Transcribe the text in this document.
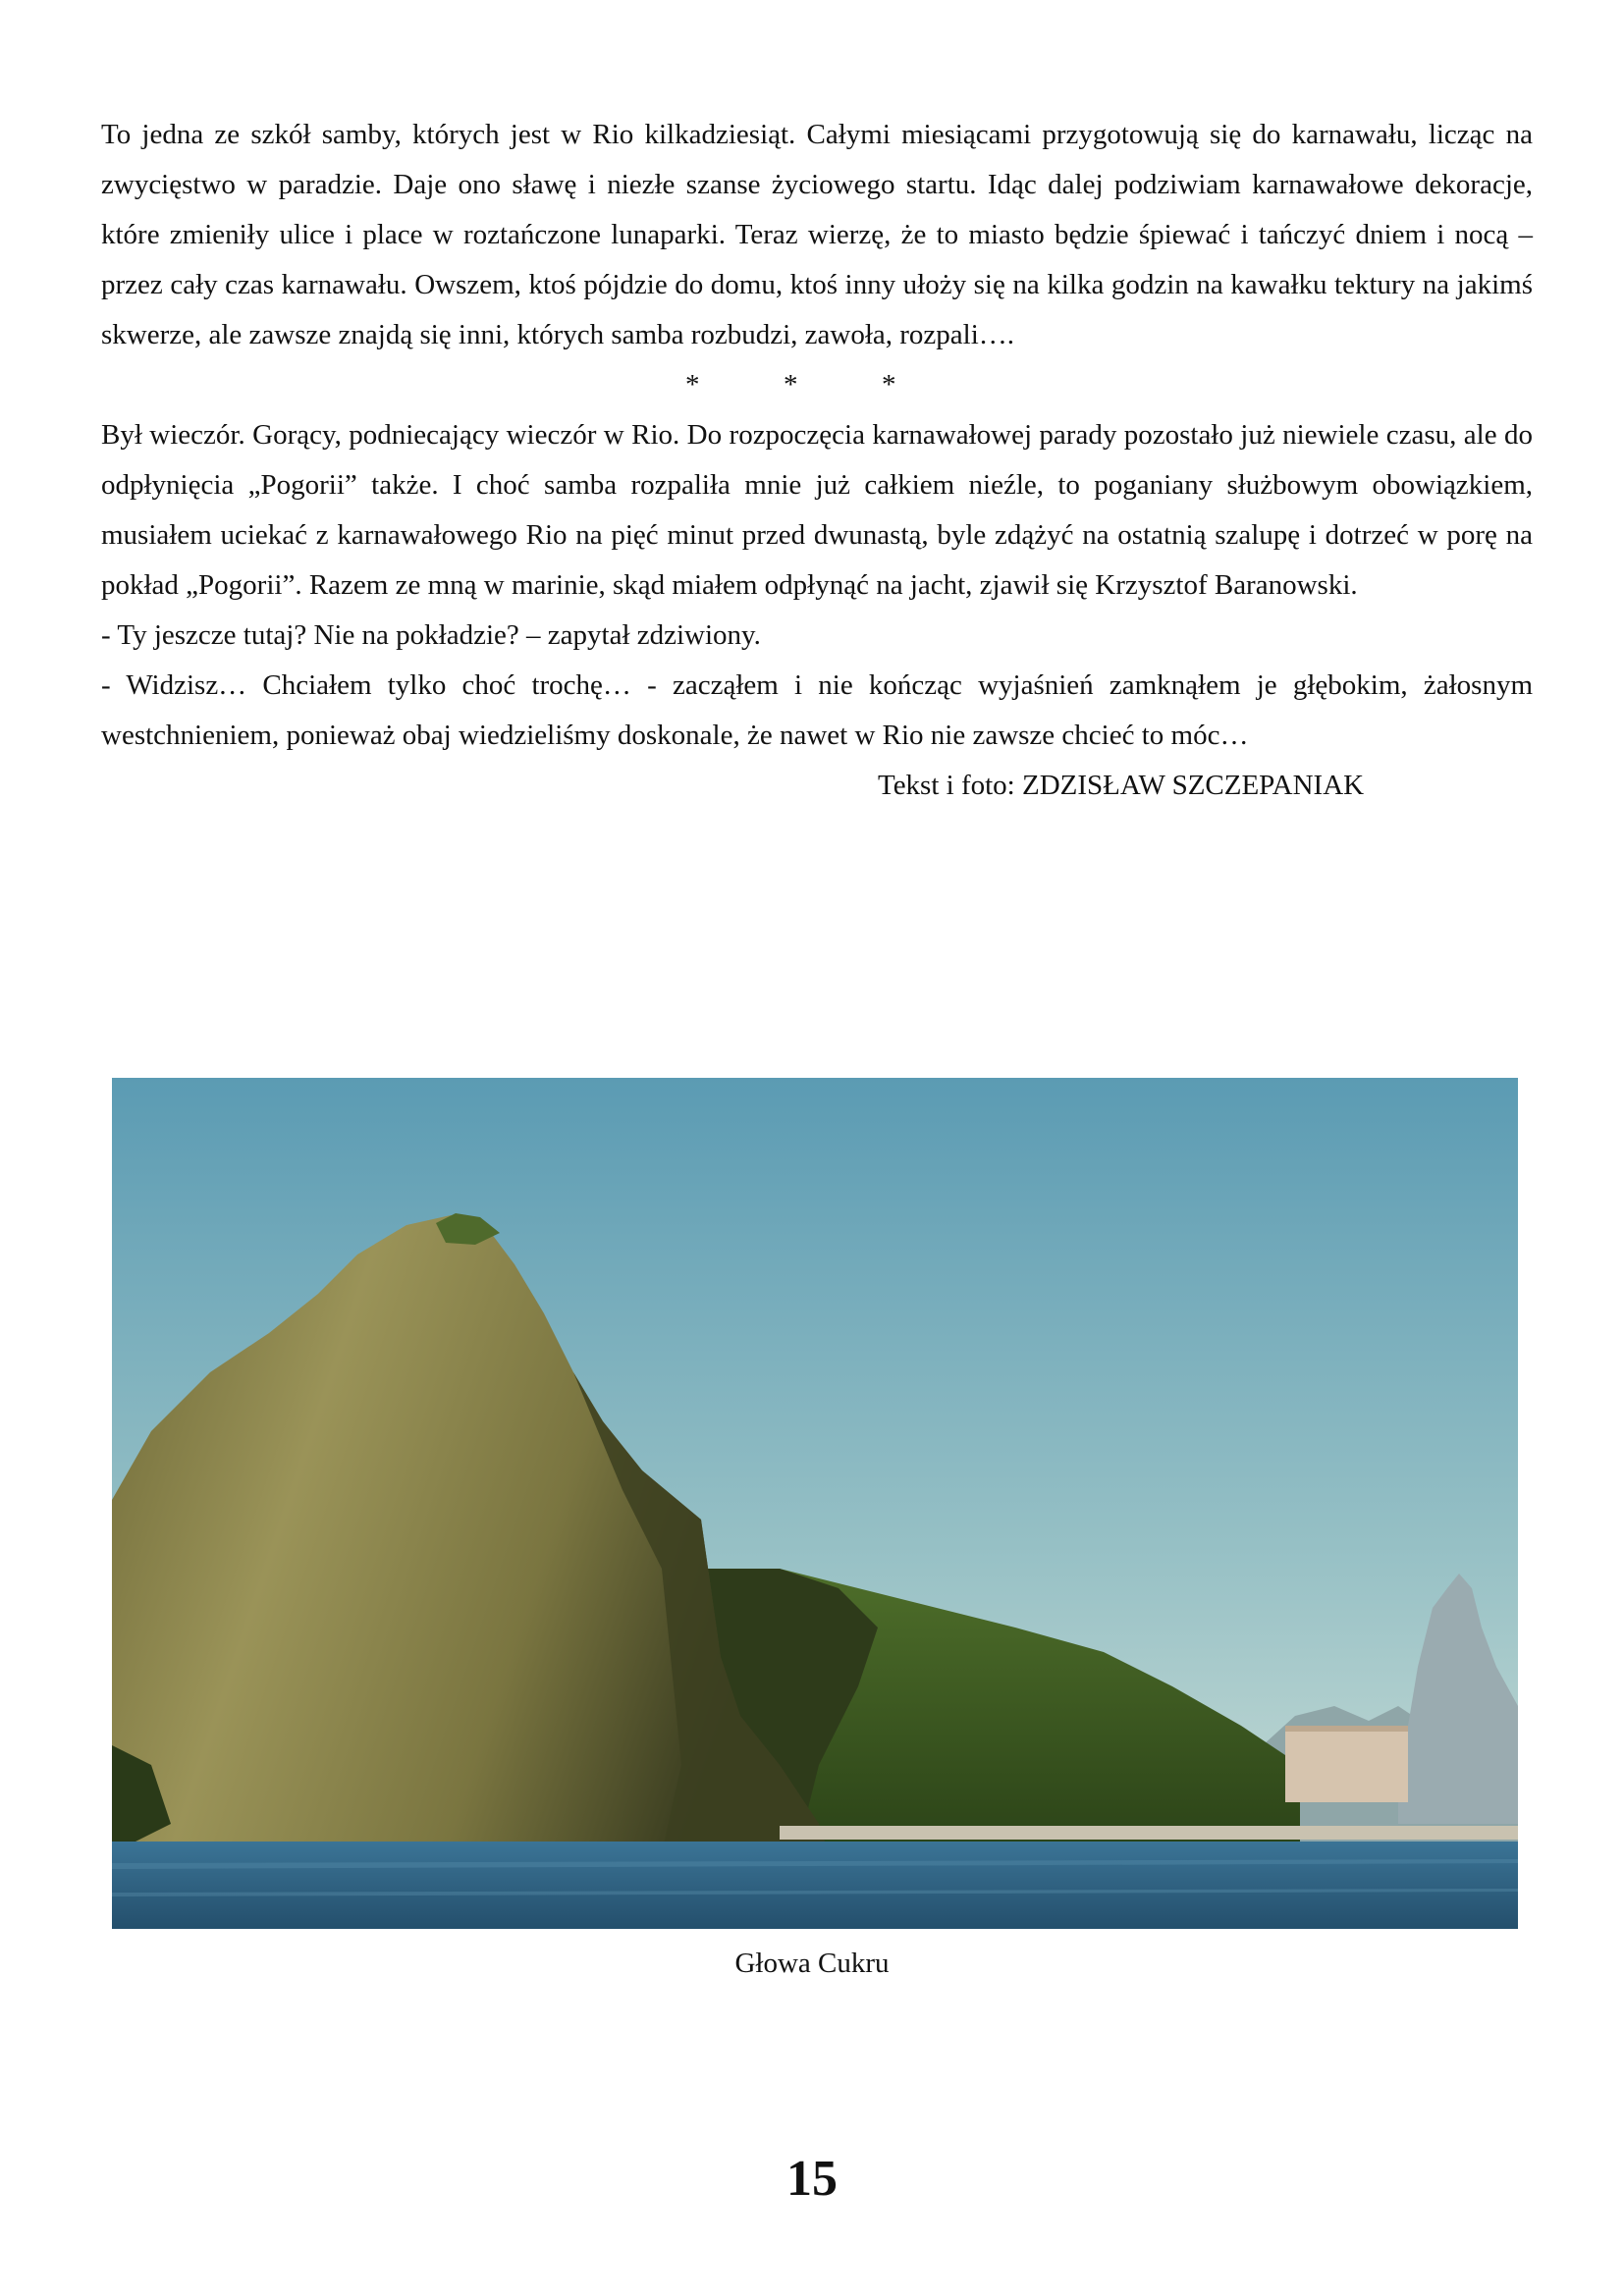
To jedna ze szkół samby, których jest w Rio kilkadziesiąt. Całymi miesiącami przygotowują się do karnawału, licząc na zwycięstwo w paradzie. Daje ono sławę i niezłe szanse życiowego startu. Idąc dalej podziwiam karnawałowe dekoracje, które zmieniły ulice i place w roztańczone lunaparki. Teraz wierzę, że to miasto będzie śpiewać i tańczyć dniem i nocą – przez cały czas karnawału. Owszem, ktoś pójdzie do domu, ktoś inny ułoży się na kilka godzin na kawałku tektury na jakimś skwerze, ale zawsze znajdą się inni, których samba rozbudzi, zawoła, rozpali….

*	*	*

Był wieczór. Gorący, podniecający wieczór w Rio. Do rozpoczęcia karnawałowej parady pozostało już niewiele czasu, ale do odpłynięcia „Pogorii” także. I choć samba rozpaliła mnie już całkiem nieźle, to poganiany służbowym obowiązkiem, musiałem uciekać z karnawałowego Rio na pięć minut przed dwunastą, byle zdążyć na ostatnią szalupę i dotrzeć w porę na pokład „Pogorii”. Razem ze mną w marinie, skąd miałem odpłynąć na jacht, zjawił się Krzysztof Baranowski.

- Ty jeszcze tutaj? Nie na pokładzie? – zapytał zdziwiony.

- Widzisz… Chciałem tylko choć trochę… - zacząłem i nie kończąc wyjaśnień zamknąłem je głębokim, żałosnym westchnieniem, ponieważ obaj wiedzieliśmy doskonale, że nawet w Rio nie zawsze chcieć to móc…

Tekst i foto: ZDZISŁAW SZCZEPANIAK

Głowa Cukru
15
